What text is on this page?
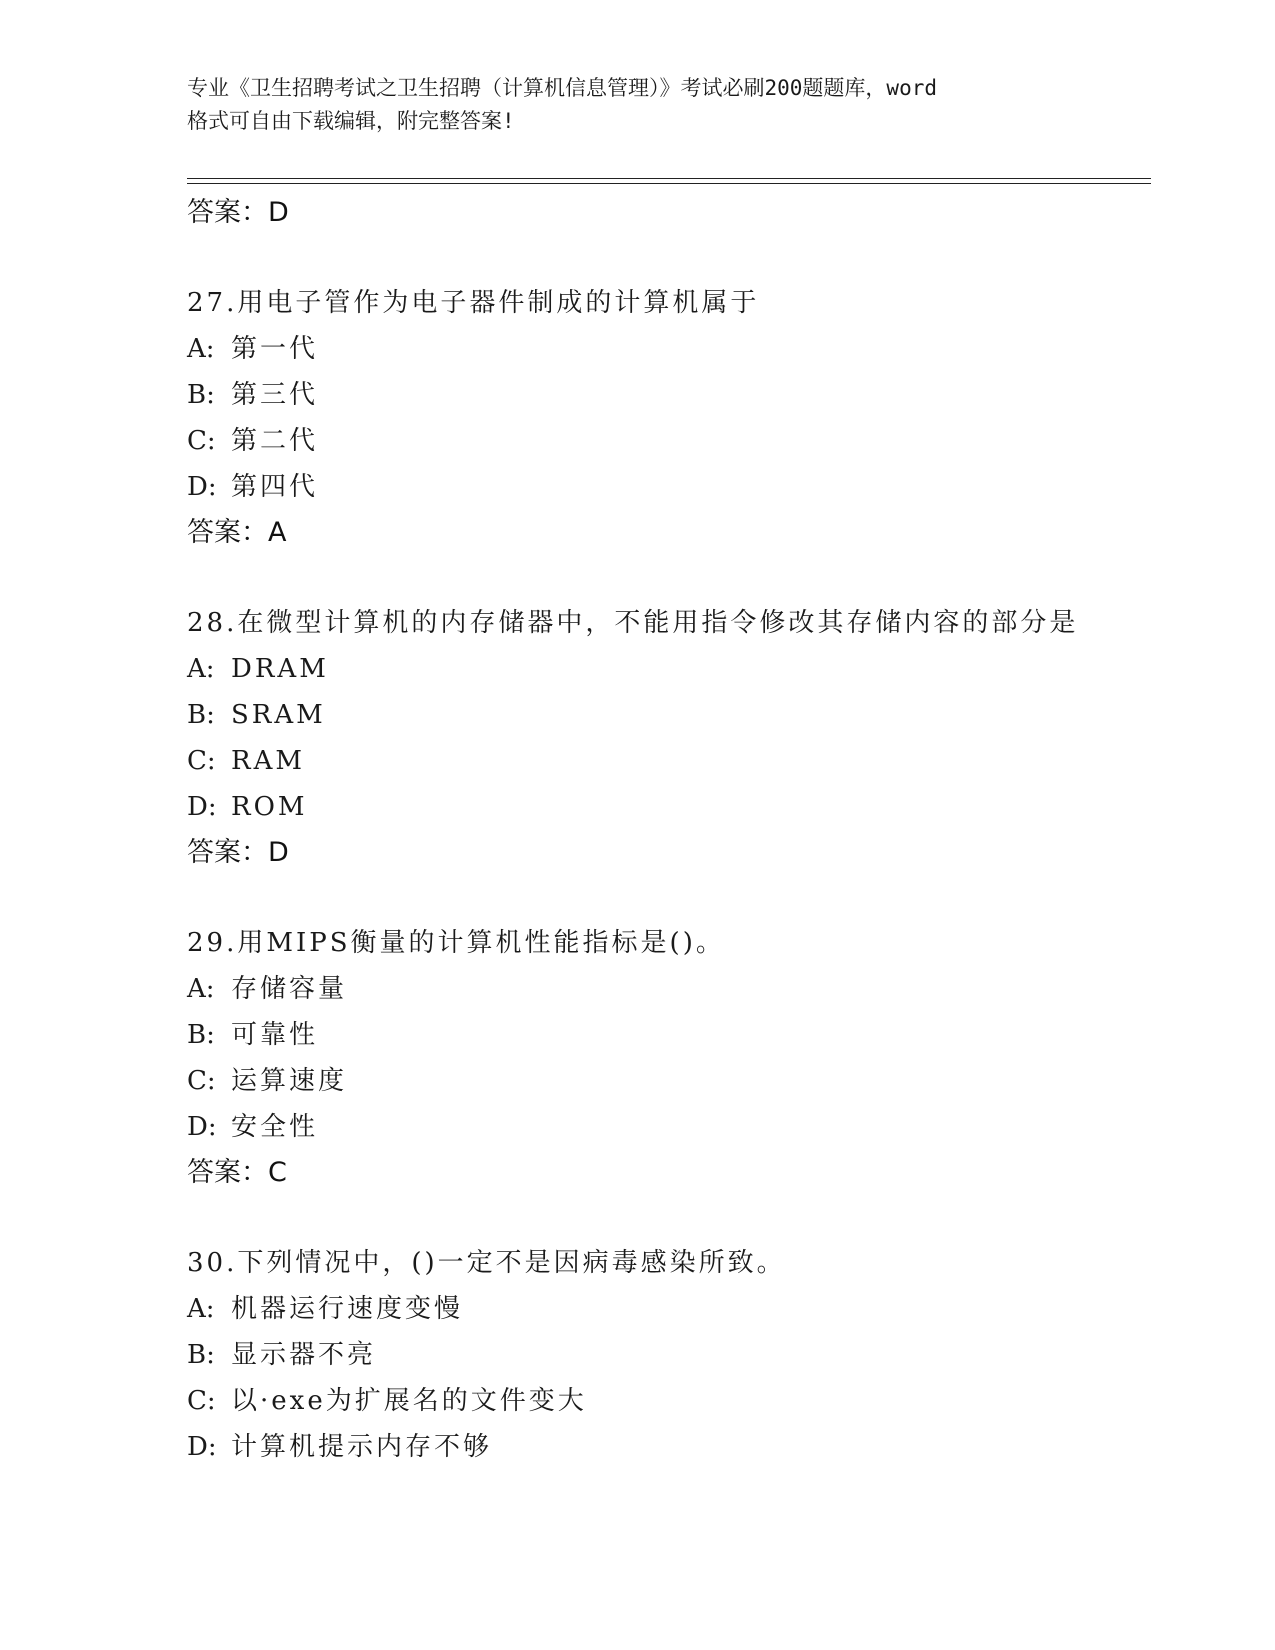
专业《卫生招聘考试之卫生招聘（计算机信息管理）》考试必刷200题题库，word
格式可自由下载编辑，附完整答案!
答案：D
27.用电子管作为电子器件制成的计算机属于
A: 第一代
B: 第三代
C: 第二代
D: 第四代
答案：A
28.在微型计算机的内存储器中，不能用指令修改其存储内容的部分是
A: DRAM
B: SRAM
C: RAM
D: ROM
答案：D
29.用MIPS衡量的计算机性能指标是()。
A: 存储容量
B: 可靠性
C: 运算速度
D: 安全性
答案：C
30.下列情况中，()一定不是因病毒感染所致。
A: 机器运行速度变慢
B: 显示器不亮
C: 以·exe为扩展名的文件变大
D: 计算机提示内存不够
